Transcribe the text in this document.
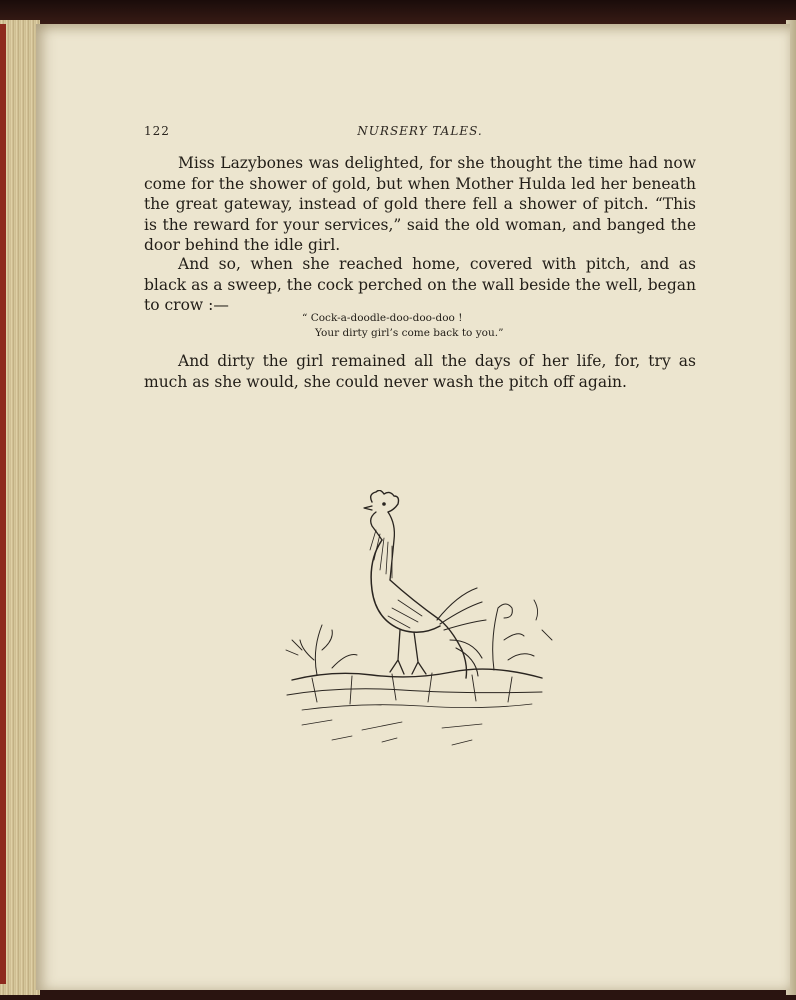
122	NURSERY TALES.

Miss Lazybones was delighted, for she thought the time had now come for the shower of gold, but when Mother Hulda led her beneath the great gateway, instead of gold there fell a shower of pitch. “This is the reward for your services,” said the old woman, and banged the door behind the idle girl.

And so, when she reached home, covered with pitch, and as black as a sweep, the cock perched on the wall beside the well, began to crow :—

“ Cock-a-doodle-doo-doo-doo !
Your dirty girl’s come back to you.”

And dirty the girl remained all the days of her life, for, try as much as she would, she could never wash the pitch off again.
